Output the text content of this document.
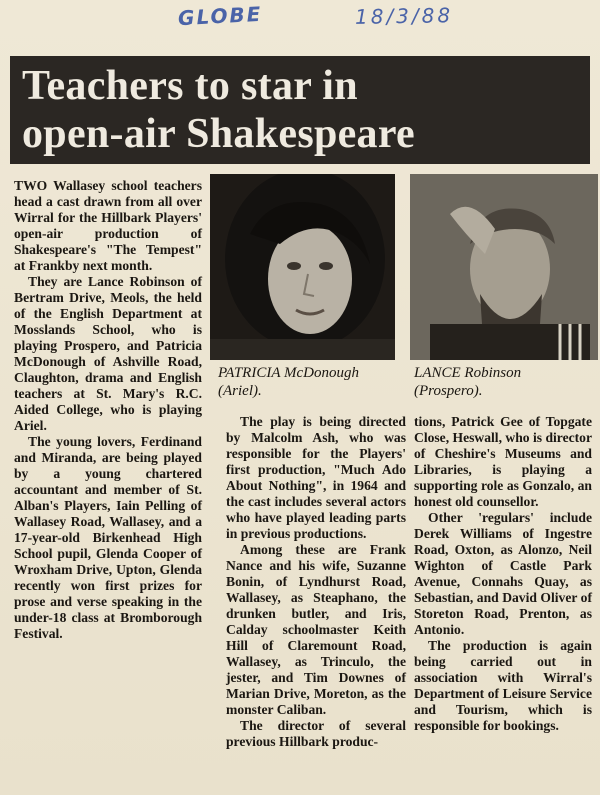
GLOBE	18/3/88
Teachers to star in
open-air Shakespeare

TWO Wallasey school teachers head a cast drawn from all over Wirral for the Hillbark Players' open-air production of Shakespeare's "The Tempest" at Frankby next month.

They are Lance Robinson of Bertram Drive, Meols, the held of the English Department at Mosslands School, who is playing Prospero, and Patricia McDonough of Ashville Road, Claughton, drama and English teachers at St. Mary's R.C. Aided College, who is playing Ariel.

The young lovers, Ferdinand and Miranda, are being played by a young chartered accountant and member of St. Alban's Players, Iain Pelling of Wallasey Road, Wallasey, and a 17-year-old Birkenhead High School pupil, Glenda Cooper of Wroxham Drive, Upton, Glenda recently won first prizes for prose and verse speaking in the under-18 class at Bromborough Festival.

PATRICIA McDonough
(Ariel).
LANCE Robinson
(Prospero).

The play is being directed by Malcolm Ash, who was responsible for the Players' first production, "Much Ado About Nothing", in 1964 and the cast includes several actors who have played leading parts in previous productions.

Among these are Frank Nance and his wife, Suzanne Bonin, of Lyndhurst Road, Wallasey, as Steaphano, the drunken butler, and Iris, Calday schoolmaster Keith Hill of Claremount Road, Wallasey, as Trinculo, the jester, and Tim Downes of Marian Drive, Moreton, as the monster Caliban.

The director of several previous Hillbark produc-

tions, Patrick Gee of Topgate Close, Heswall, who is director of Cheshire's Museums and Libraries, is playing a supporting role as Gonzalo, an honest old counsellor.

Other 'regulars' include Derek Williams of Ingestre Road, Oxton, as Alonzo, Neil Wighton of Castle Park Avenue, Connahs Quay, as Sebastian, and David Oliver of Storeton Road, Prenton, as Antonio.

The production is again being carried out in association with Wirral's Department of Leisure Service and Tourism, which is responsible for bookings.
